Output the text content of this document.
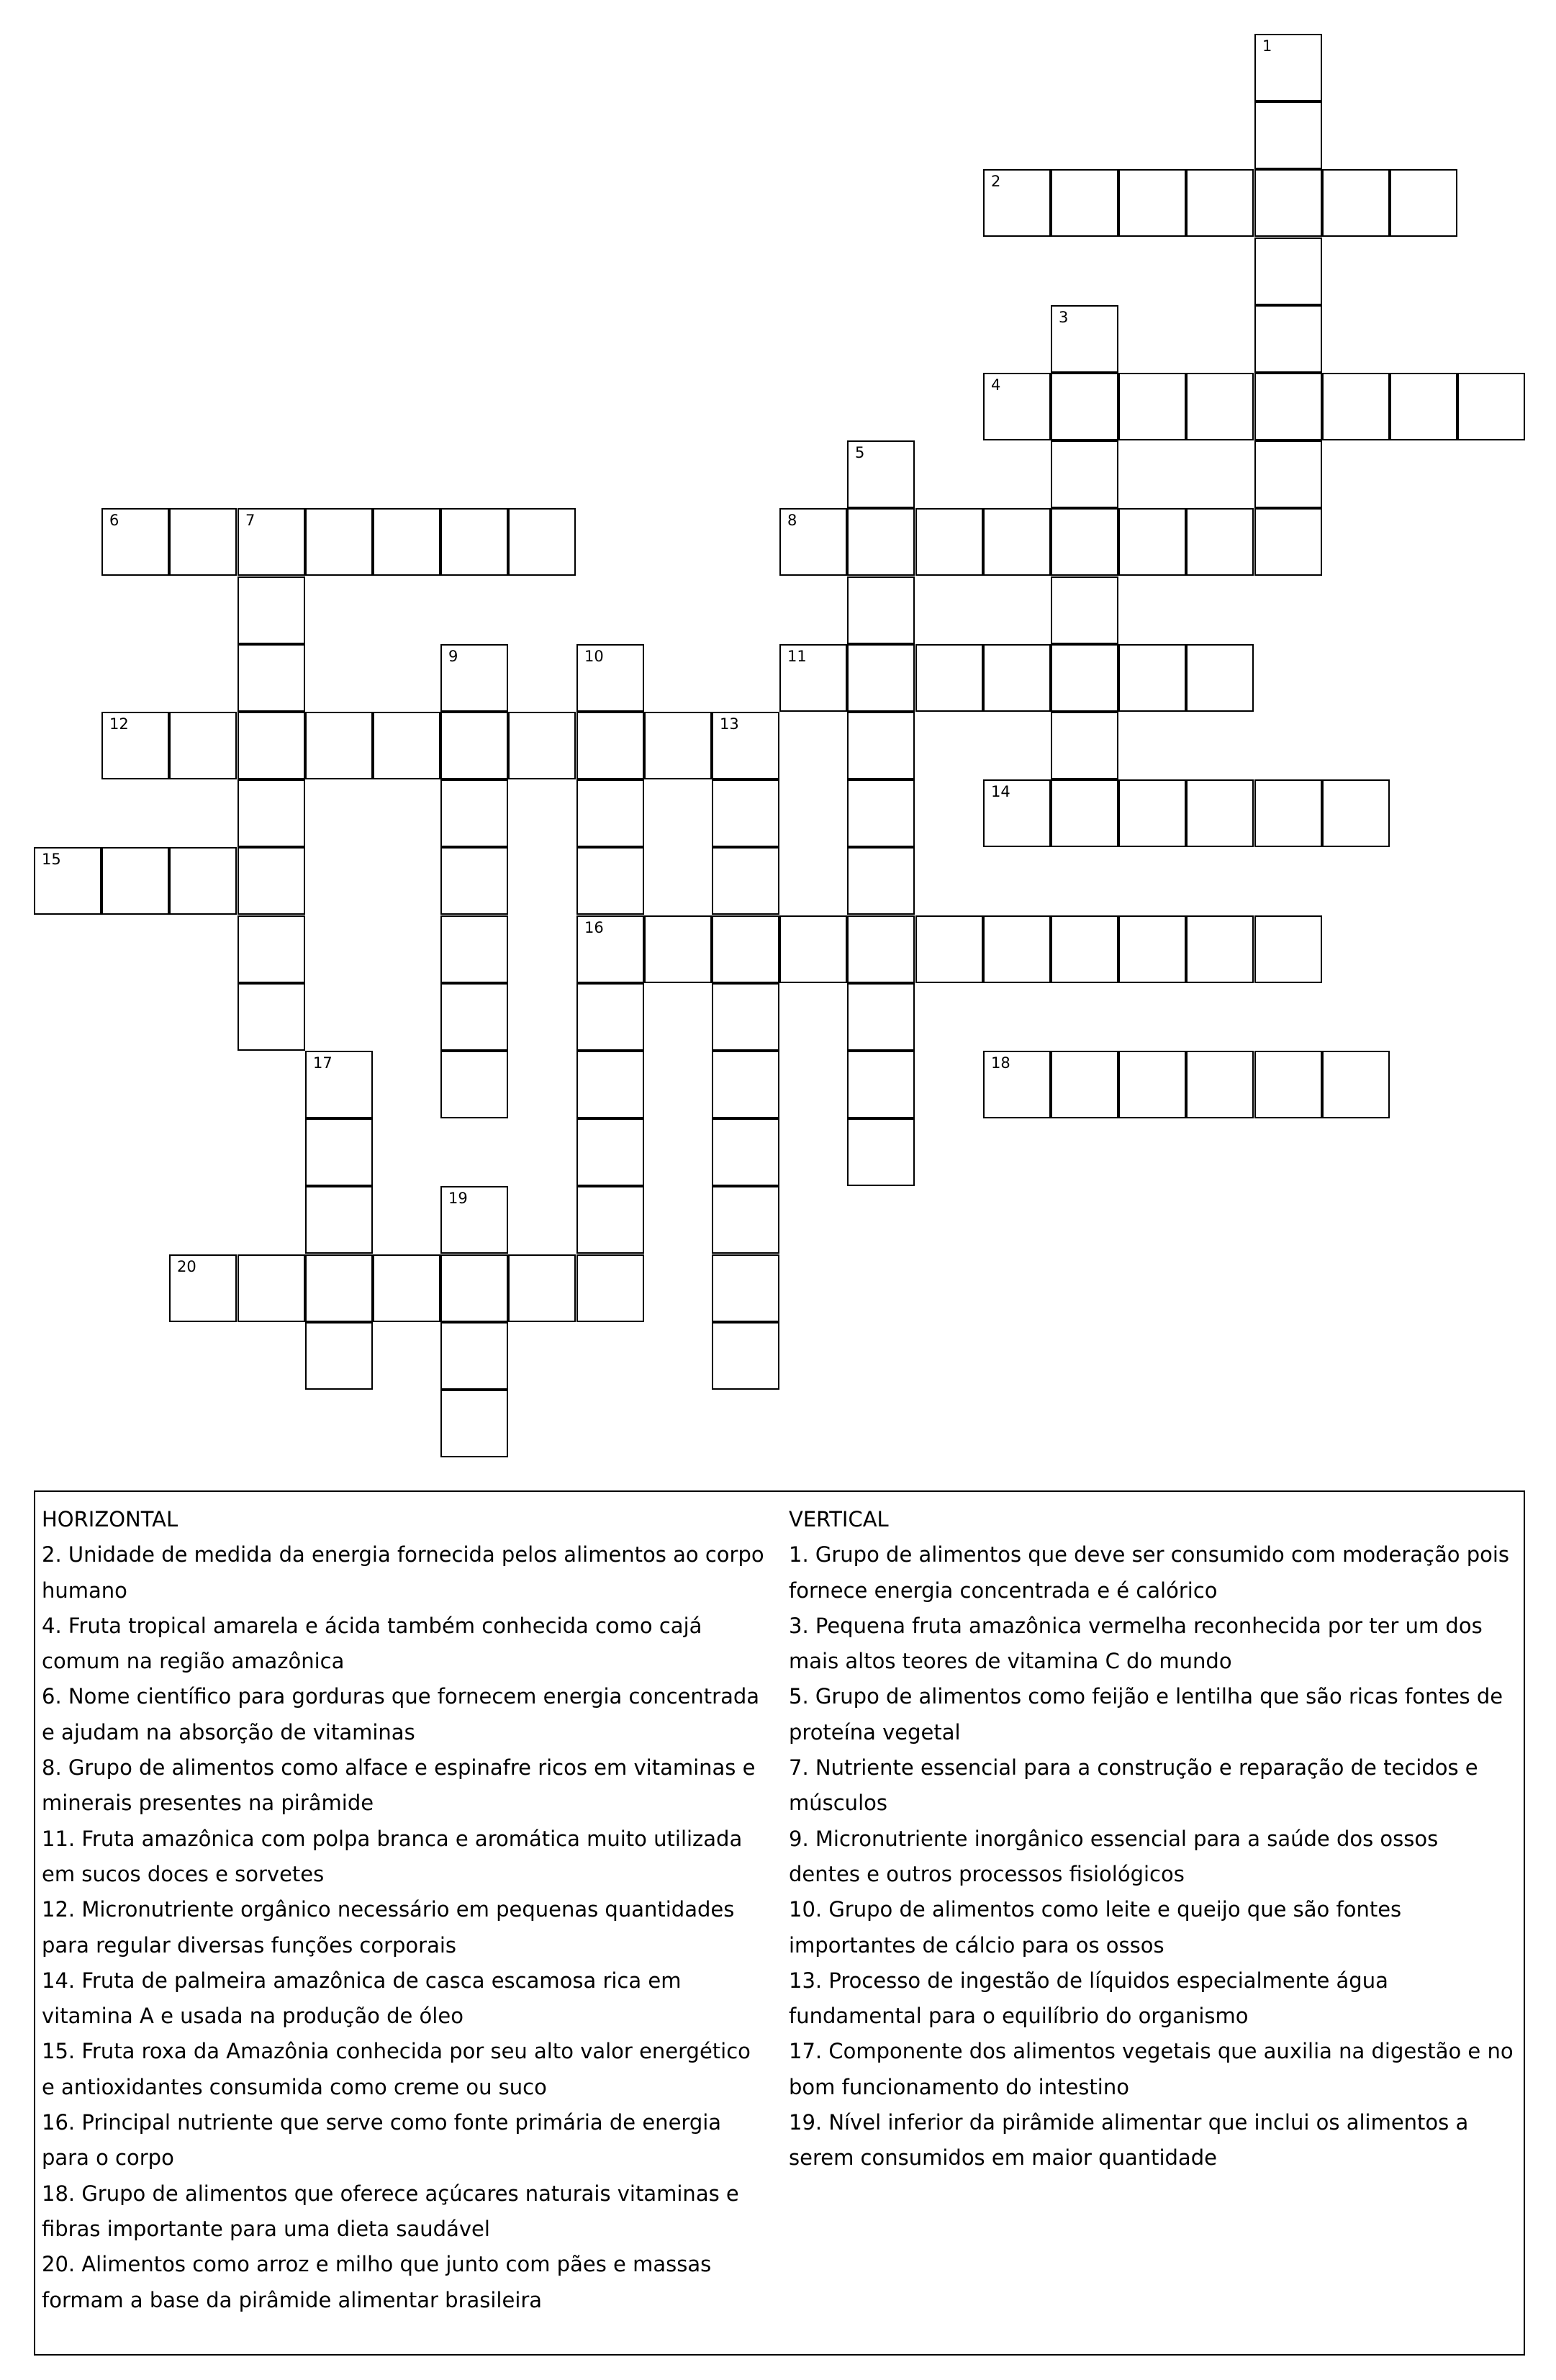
1
2
3
4
5
6	7	8
9	10
16
11
12	13
14
15
17	18
19
20

HORIZONTAL

2. Unidade de medida da energia fornecida pelos alimentos ao corpo humano

4. Fruta tropical amarela e ácida também conhecida como cajá comum na região amazônica

6. Nome científico para gorduras que fornecem energia concentrada e ajudam na absorção de vitaminas

8. Grupo de alimentos como alface e espinafre ricos em vitaminas e minerais presentes na pirâmide

11. Fruta amazônica com polpa branca e aromática muito utilizada em sucos doces e sorvetes

12. Micronutriente orgânico necessário em pequenas quantidades para regular diversas funções corporais

14. Fruta de palmeira amazônica de casca escamosa rica em vitamina A e usada na produção de óleo

15. Fruta roxa da Amazônia conhecida por seu alto valor energético e antioxidantes consumida como creme ou suco

16. Principal nutriente que serve como fonte primária de energia para o corpo

18. Grupo de alimentos que oferece açúcares naturais vitaminas e fibras importante para uma dieta saudável

20. Alimentos como arroz e milho que junto com pães e massas formam a base da pirâmide alimentar brasileira

VERTICAL

1. Grupo de alimentos que deve ser consumido com moderação pois fornece energia concentrada e é calórico

3. Pequena fruta amazônica vermelha reconhecida por ter um dos mais altos teores de vitamina C do mundo

5. Grupo de alimentos como feijão e lentilha que são ricas fontes de proteína vegetal

7. Nutriente essencial para a construção e reparação de tecidos e músculos

9. Micronutriente inorgânico essencial para a saúde dos ossos dentes e outros processos fisiológicos

10. Grupo de alimentos como leite e queijo que são fontes importantes de cálcio para os ossos

13. Processo de ingestão de líquidos especialmente água fundamental para o equilíbrio do organismo

17. Componente dos alimentos vegetais que auxilia na digestão e no bom funcionamento do intestino

19. Nível inferior da pirâmide alimentar que inclui os alimentos a serem consumidos em maior quantidade
